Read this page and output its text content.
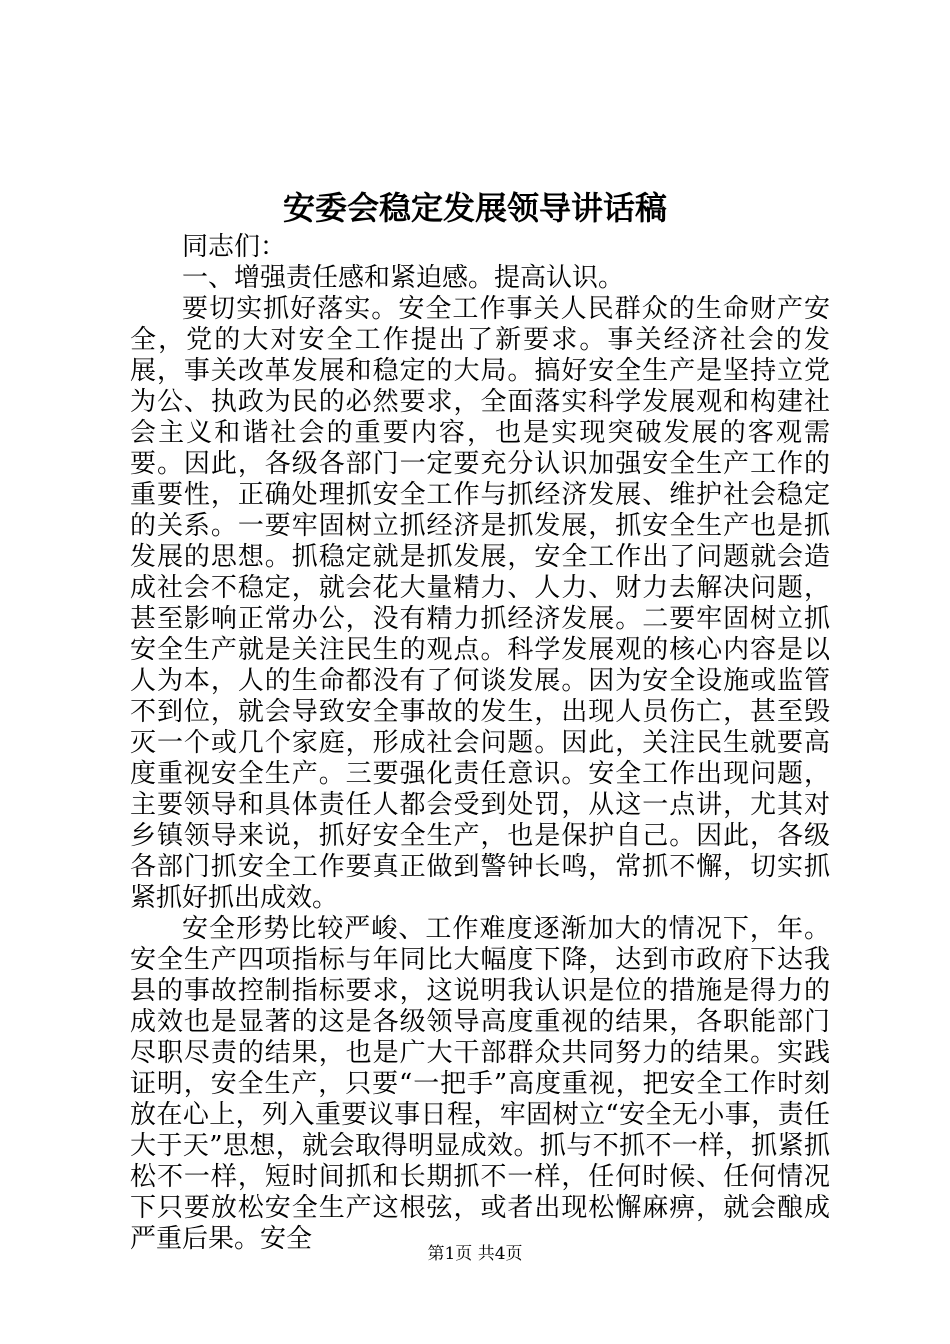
安委会稳定发展领导讲话稿

同志们：

一、增强责任感和紧迫感。提高认识。

要切实抓好落实。安全工作事关人民群众的生命财产安全，党的大对安全工作提出了新要求。事关经济社会的发展，事关改革发展和稳定的大局。搞好安全生产是坚持立党为公、执政为民的必然要求，全面落实科学发展观和构建社会主义和谐社会的重要内容，也是实现突破发展的客观需要。因此，各级各部门一定要充分认识加强安全生产工作的重要性，正确处理抓安全工作与抓经济发展、维护社会稳定的关系。一要牢固树立抓经济是抓发展，抓安全生产也是抓发展的思想。抓稳定就是抓发展，安全工作出了问题就会造成社会不稳定，就会花大量精力、人力、财力去解决问题，甚至影响正常办公，没有精力抓经济发展。二要牢固树立抓安全生产就是关注民生的观点。科学发展观的核心内容是以人为本，人的生命都没有了何谈发展。因为安全设施或监管不到位，就会导致安全事故的发生，出现人员伤亡，甚至毁灭一个或几个家庭，形成社会问题。因此，关注民生就要高度重视安全生产。三要强化责任意识。安全工作出现问题，主要领导和具体责任人都会受到处罚，从这一点讲，尤其对乡镇领导来说，抓好安全生产，也是保护自己。因此，各级各部门抓安全工作要真正做到警钟长鸣，常抓不懈，切实抓紧抓好抓出成效。

安全形势比较严峻、工作难度逐渐加大的情况下，年。安全生产四项指标与年同比大幅度下降，达到市政府下达我县的事故控制指标要求，这说明我认识是位的措施是得力的成效也是显著的这是各级领导高度重视的结果，各职能部门尽职尽责的结果，也是广大干部群众共同努力的结果。实践证明，安全生产，只要“一把手”高度重视，把安全工作时刻放在心上，列入重要议事日程，牢固树立“安全无小事，责任大于天”思想，就会取得明显成效。抓与不抓不一样，抓紧抓松不一样，短时间抓和长期抓不一样，任何时候、任何情况下只要放松安全生产这根弦，或者出现松懈麻痹，就会酿成严重后果。安全	第1页 共4页
